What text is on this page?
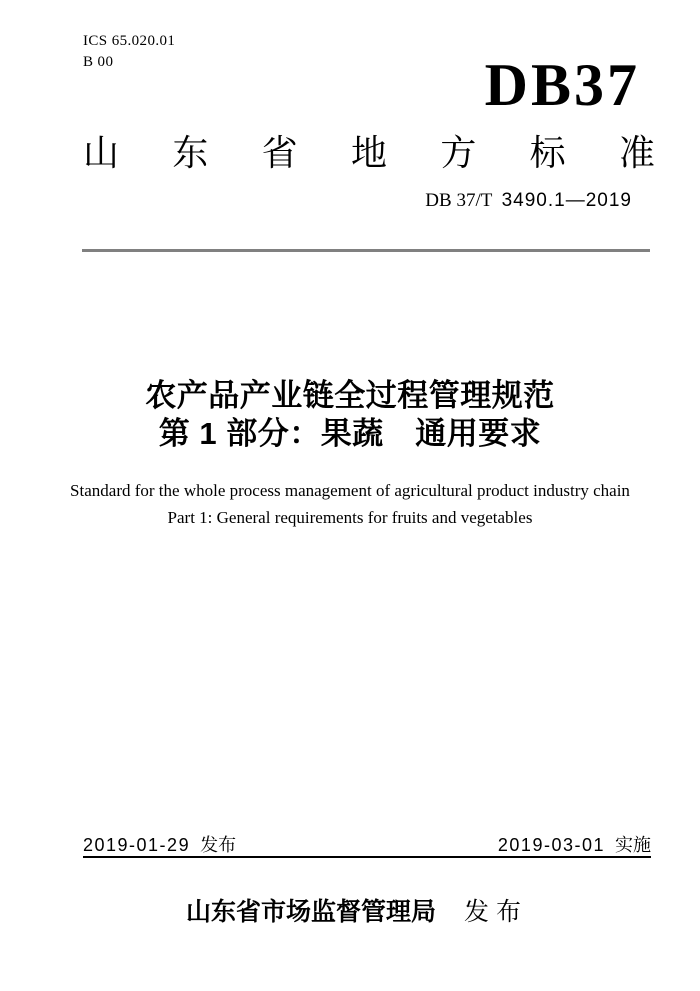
ICS 65.020.01
B 00	DB37
山 东 省 地 方 标 准
DB 37/T 3490.1—2019
农产品产业链全过程管理规范
第 1 部分：果蔬　通用要求
Standard for the whole process management of agricultural product industry chain
Part 1: General requirements for fruits and vegetables
2019-01-29 发布	2019-03-01 实施
山东省市场监督管理局 发布
